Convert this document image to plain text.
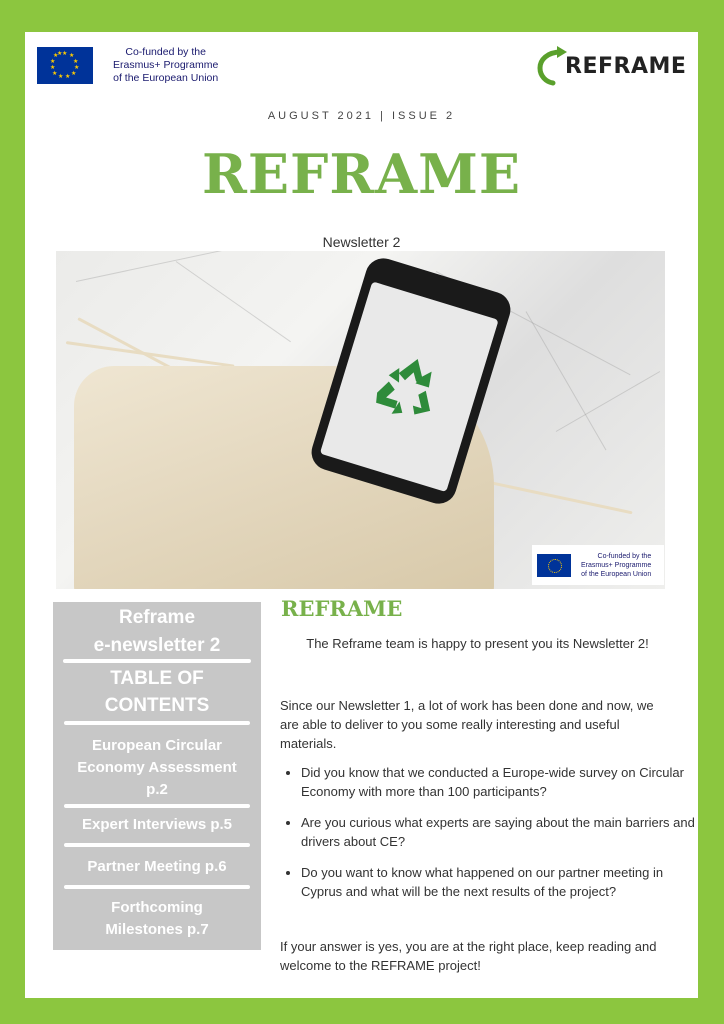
★ ★
★
★
★
★
★
★
★
★
★
★	Co-funded by the
Erasmus+ Programme
of the European Union	REFRAME
AUGUST 2021 | ISSUE 2
REFRAME
Newsletter 2
Co-funded by the
Erasmus+ Programme
of the European Union
Reframe
e-newsletter 2
TABLE OF
CONTENTS
European Circular
Economy Assessment
p.2
Expert Interviews p.5
Partner Meeting p.6
Forthcoming
Milestones p.7
REFRAME
The Reframe team is happy to present you its Newsletter 2!
Since our Newsletter 1, a lot of work has been done and now, we are able to deliver to you some really interesting and useful materials.
• Did you know that we conducted a Europe-wide survey on Circular Economy with more than 100 participants?
• Are you curious what experts are saying about the main barriers and drivers about CE?
• Do you want to know what happened on our partner meeting in Cyprus and what will be the next results of the project?
If your answer is yes, you are at the right place, keep reading and welcome to the REFRAME project!
